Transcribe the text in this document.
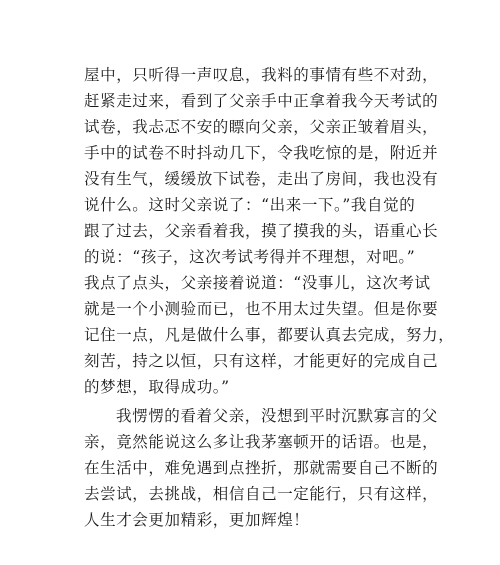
屋中，只听得一声叹息，我料的事情有些不对劲，
赶紧走过来，看到了父亲手中正拿着我今天考试的
试卷，我忐忑不安的瞟向父亲，父亲正皱着眉头，
手中的试卷不时抖动几下，令我吃惊的是，附近并
没有生气，缓缓放下试卷，走出了房间，我也没有
说什么。这时父亲说了：“出来一下。”我自觉的
跟了过去，父亲看着我，摸了摸我的头，语重心长
的说：“孩子，这次考试考得并不理想，对吧。”
我点了点头，父亲接着说道：“没事儿，这次考试
就是一个小测验而已，也不用太过失望。但是你要
记住一点，凡是做什么事，都要认真去完成，努力，
刻苦，持之以恒，只有这样，才能更好的完成自己
的梦想，取得成功。”
我愣愣的看着父亲，没想到平时沉默寡言的父
亲，竟然能说这么多让我茅塞顿开的话语。也是，
在生活中，难免遇到点挫折，那就需要自己不断的
去尝试，去挑战，相信自己一定能行，只有这样，
人生才会更加精彩，更加辉煌！
